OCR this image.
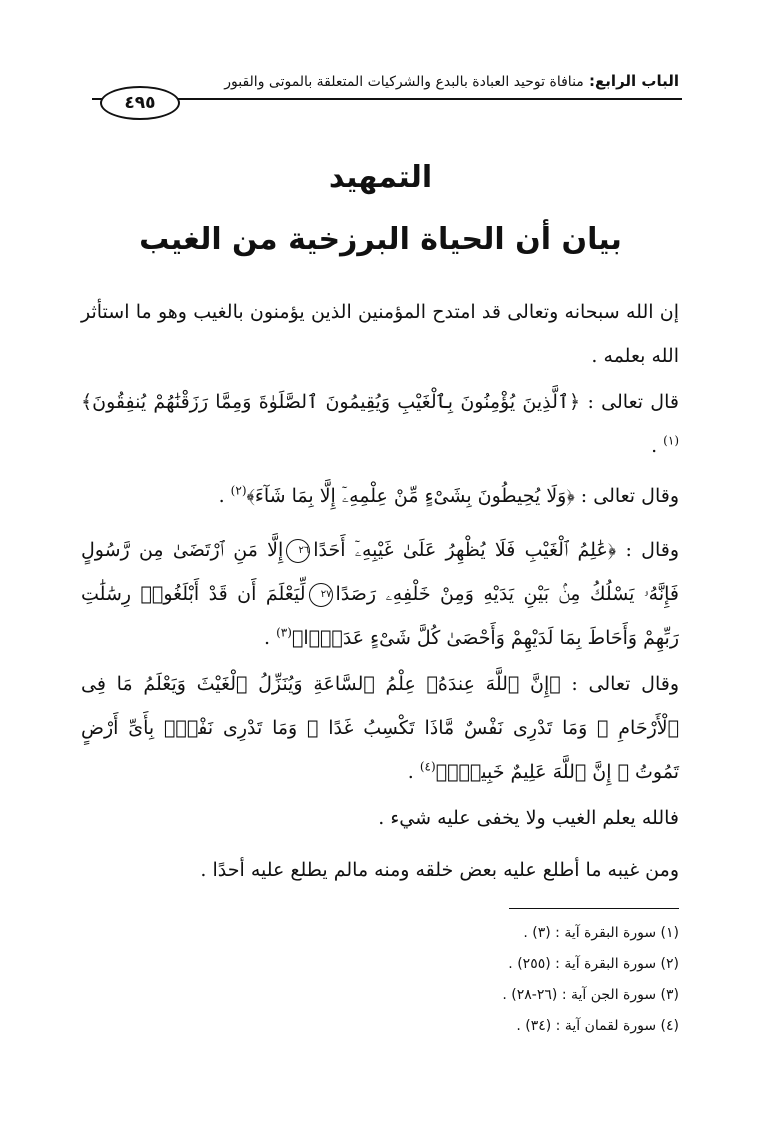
الباب الرابع: منافاة توحيد العبادة بالبدع والشركيات المتعلقة بالموتى والقبور
٤٩٥
التمهيد
بيان أن الحياة البرزخية من الغيب
إن الله سبحانه وتعالى قد امتدح المؤمنين الذين يؤمنون بالغيب وهو ما استأثر الله بعلمه .
قال تعالى : ﴿ٱلَّذِينَ يُؤْمِنُونَ بِٱلْغَيْبِ وَيُقِيمُونَ ٱلصَّلَوٰةَ وَمِمَّا رَزَقْنَٰهُمْ يُنفِقُونَ﴾$^{(١)}$ .
وقال تعالى : ﴿وَلَا يُحِيطُونَ بِشَىْءٍ مِّنْ عِلْمِهِۦٓ إِلَّا بِمَا شَآءَ﴾$^{(٢)}$ .
وقال : ﴿عَٰلِمُ ٱلْغَيْبِ فَلَا يُظْهِرُ عَلَىٰ غَيْبِهِۦٓ أَحَدًا٢٦إِلَّا مَنِ ٱرْتَضَىٰ مِن رَّسُولٍ فَإِنَّهُۥ يَسْلُكُ مِنۢ بَيْنِ يَدَيْهِ وَمِنْ خَلْفِهِۦ رَصَدًا٢٧لِّيَعْلَمَ أَن قَدْ أَبْلَغُوا۟ رِسَٰلَٰتِ رَبِّهِمْ وَأَحَاطَ بِمَا لَدَيْهِمْ وَأَحْصَىٰ كُلَّ شَىْءٍ عَدَدًۢا﴾$^{(٣)}$ .
وقال تعالى : ﴿إِنَّ ٱللَّهَ عِندَهُۥ عِلْمُ ٱلسَّاعَةِ وَيُنَزِّلُ ٱلْغَيْثَ وَيَعْلَمُ مَا فِى ٱلْأَرْحَامِ ۖ وَمَا تَدْرِى نَفْسٌ مَّاذَا تَكْسِبُ غَدًا ۖ وَمَا تَدْرِى نَفْسٌۢ بِأَىِّ أَرْضٍ تَمُوتُ ۚ إِنَّ ٱللَّهَ عَلِيمٌ خَبِيرٌۢ﴾$^{(٤)}$ .
فالله يعلم الغيب ولا يخفى عليه شيء .
ومن غيبه ما أطلع عليه بعض خلقه ومنه مالم يطلع عليه أحدًا .
(١) سورة البقرة آية : (٣) .
(٢) سورة البقرة آية : (٢٥٥) .
(٣) سورة الجن آية : (٢٦-٢٨) .
(٤) سورة لقمان آية : (٣٤) .
